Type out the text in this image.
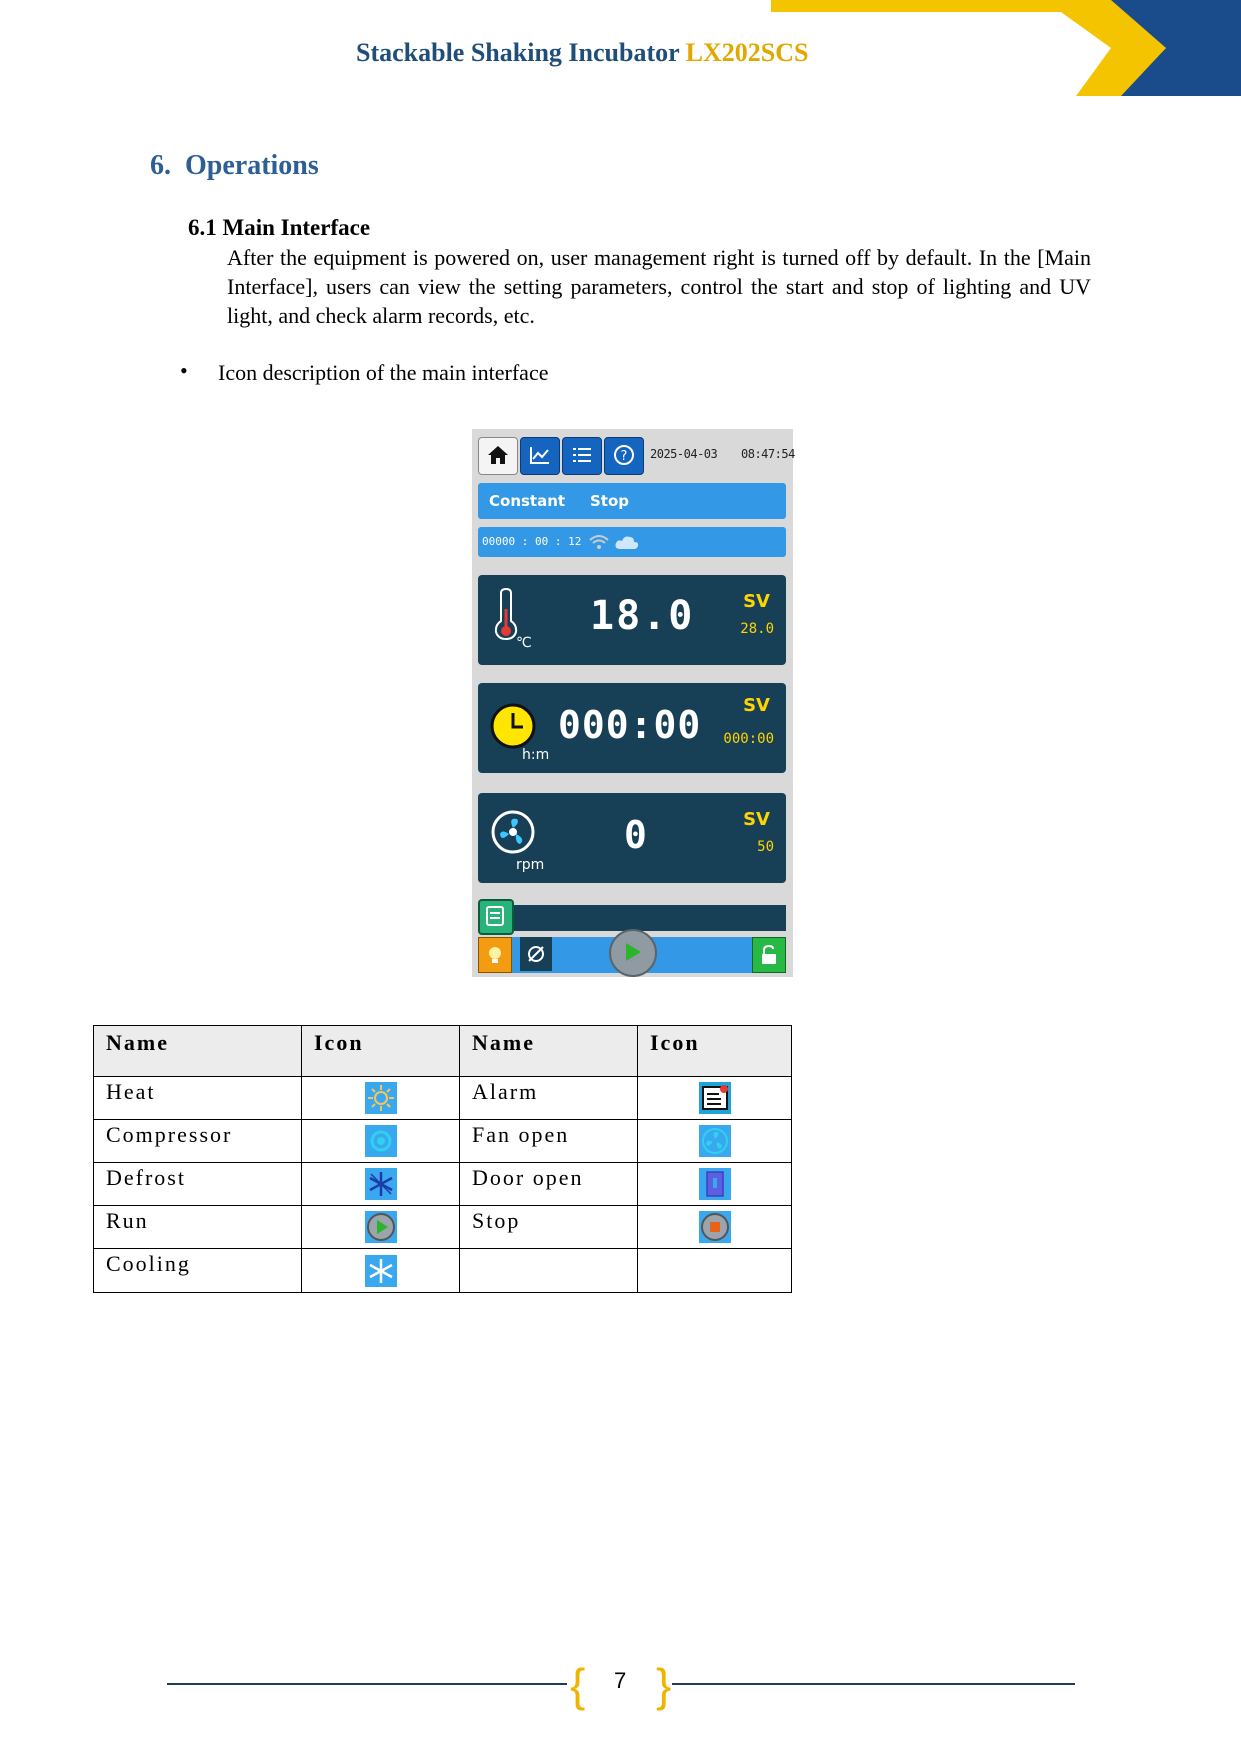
Stackable Shaking Incubator LX202SCS
6. Operations
6.1 Main Interface
After the equipment is powered on, user management right is turned off by default. In the [Main Interface], users can view the setting parameters, control the start and stop of lighting and UV light, and check alarm records, etc.
• Icon description of the main interface
? 2025-04-03 08:47:54
Constant Stop
00000 : 00 : 12
℃
18.0	SV
28.0
h:m
000:00 SV
000:00
rpm
0	SV
50
Name	Icon	Name	Icon
Heat		Alarm	
Compressor		Fan open	
Defrost		Door open	
Run		Stop	
Cooling			
{ 7 }
